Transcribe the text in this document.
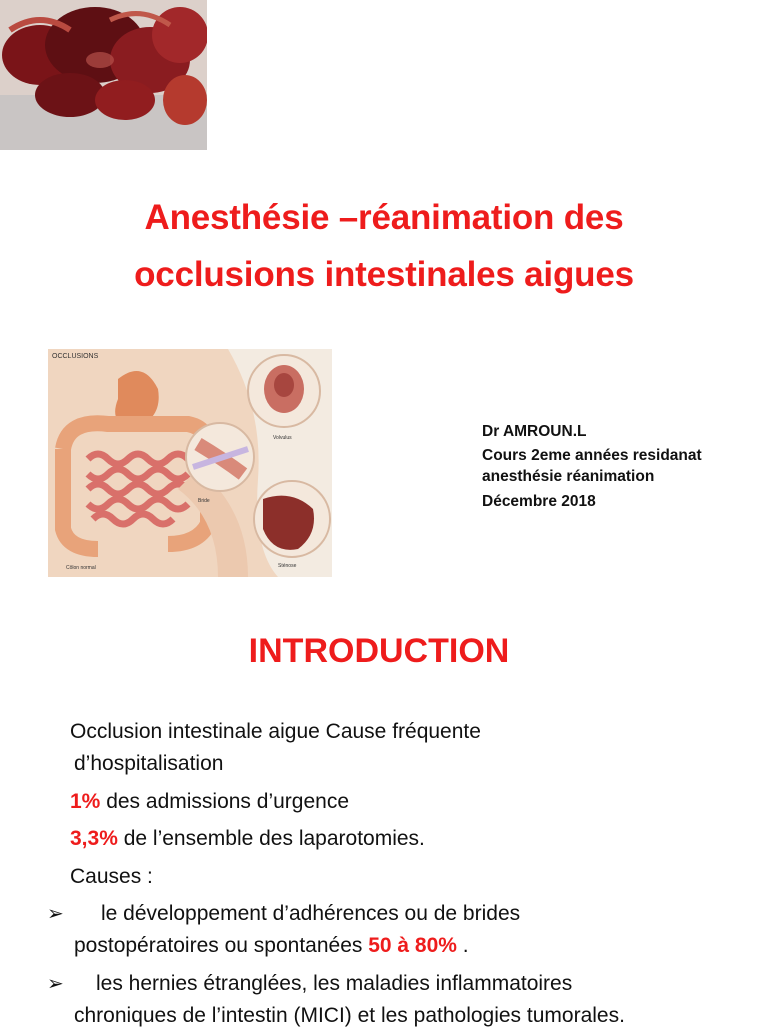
Anesthésie –réanimation des
occlusions intestinales aigues
OCCLUSIONS
Côlon normal
Volvulus
Bride
Sténose
Dr AMROUN.L
Cours 2eme années residanat
anesthésie réanimation
Décembre 2018
INTRODUCTION
Occlusion intestinale aigue Cause fréquente
d’hospitalisation
1% des admissions d’urgence
3,3% de l’ensemble des laparotomies.
Causes :
➢ le développement d’adhérences ou de brides
postopératoires ou spontanées 50 à 80% .
➢ les hernies étranglées, les maladies inflammatoires
chroniques de l’intestin (MICI) et les pathologies tumorales.
